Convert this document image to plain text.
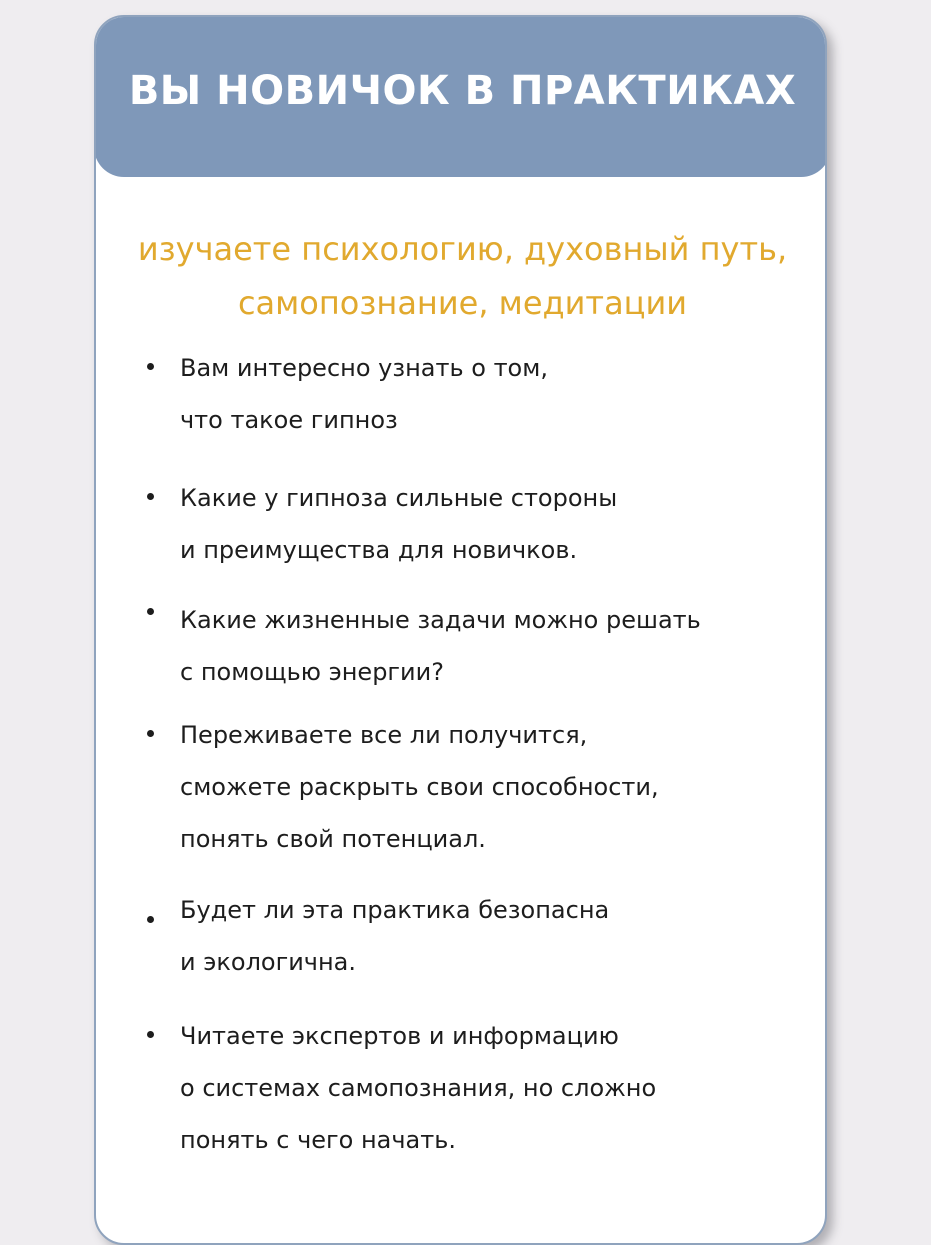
ВЫ НОВИЧОК В ПРАКТИКАХ
изучаете психологию, духовный путь,
самопознание, медитации
Вам интересно узнать о том,
что такое гипноз
Какие у гипноза сильные стороны
и преимущества для новичков.
Какие жизненные задачи можно решать
с помощью энергии?
Переживаете все ли получится,
сможете раскрыть свои способности,
понять свой потенциал.
Будет ли эта практика безопасна
и экологична.
Читаете экспертов и информацию
о системах самопознания, но сложно
понять с чего начать.
